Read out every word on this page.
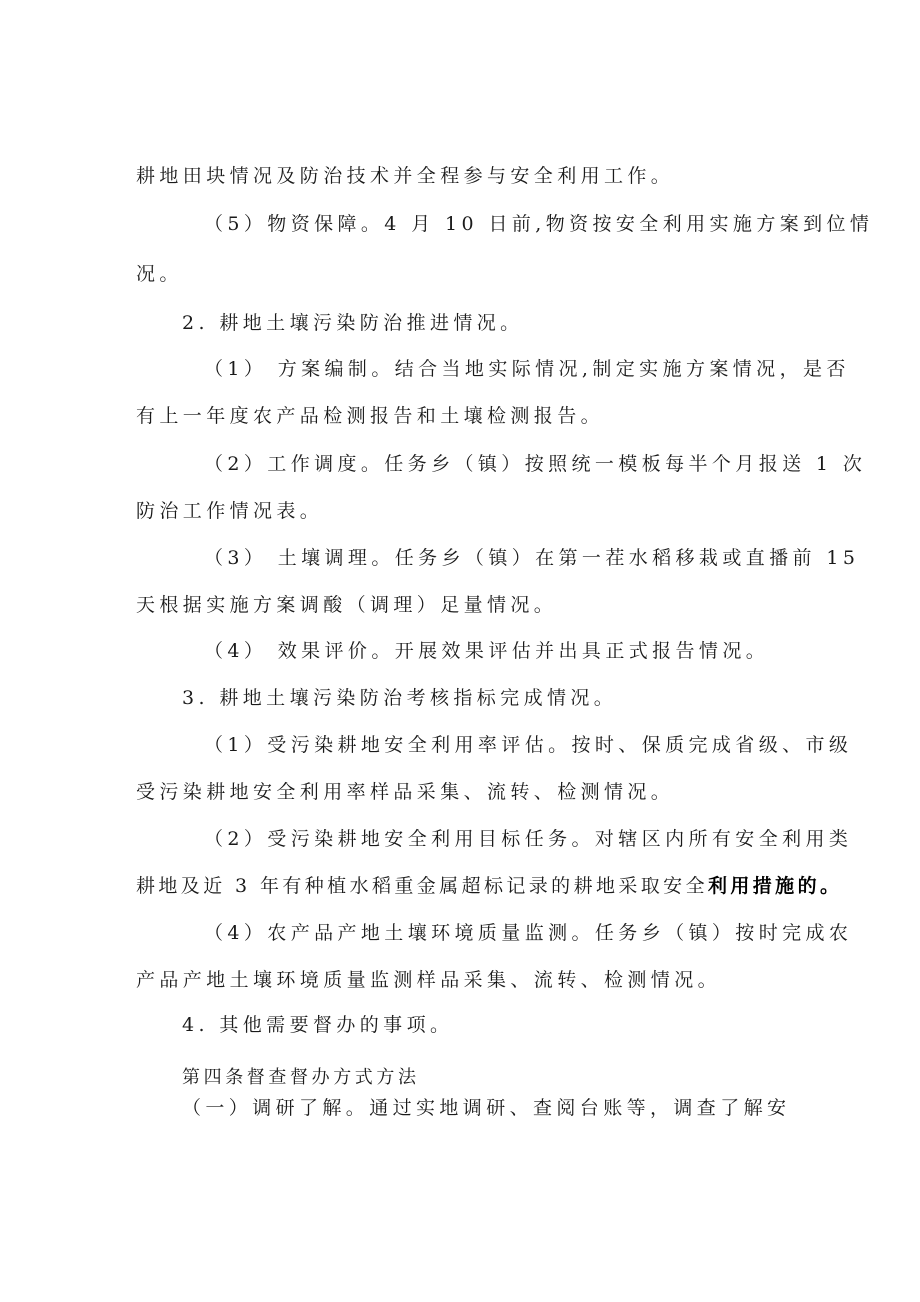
耕地田块情况及防治技术并全程参与安全利用工作。
（5）物资保障。4 月 10 日前,物资按安全利用实施方案到位情
况。
2. 耕地土壤污染防治推进情况。
（1） 方案编制。结合当地实际情况,制定实施方案情况，是否
有上一年度农产品检测报告和土壤检测报告。
（2）工作调度。任务乡（镇）按照统一模板每半个月报送 1 次
防治工作情况表。
（3） 土壤调理。任务乡（镇）在第一茬水稻移栽或直播前 15
天根据实施方案调酸（调理）足量情况。
（4） 效果评价。开展效果评估并出具正式报告情况。
3. 耕地土壤污染防治考核指标完成情况。
（1）受污染耕地安全利用率评估。按时、保质完成省级、市级
受污染耕地安全利用率样品采集、流转、检测情况。
（2）受污染耕地安全利用目标任务。对辖区内所有安全利用类
耕地及近 3 年有种植水稻重金属超标记录的耕地采取安全利用措施的。
（4）农产品产地土壤环境质量监测。任务乡（镇）按时完成农
产品产地土壤环境质量监测样品采集、流转、检测情况。
4. 其他需要督办的事项。
第四条督查督办方式方法
（一）调研了解。通过实地调研、查阅台账等，调查了解安
